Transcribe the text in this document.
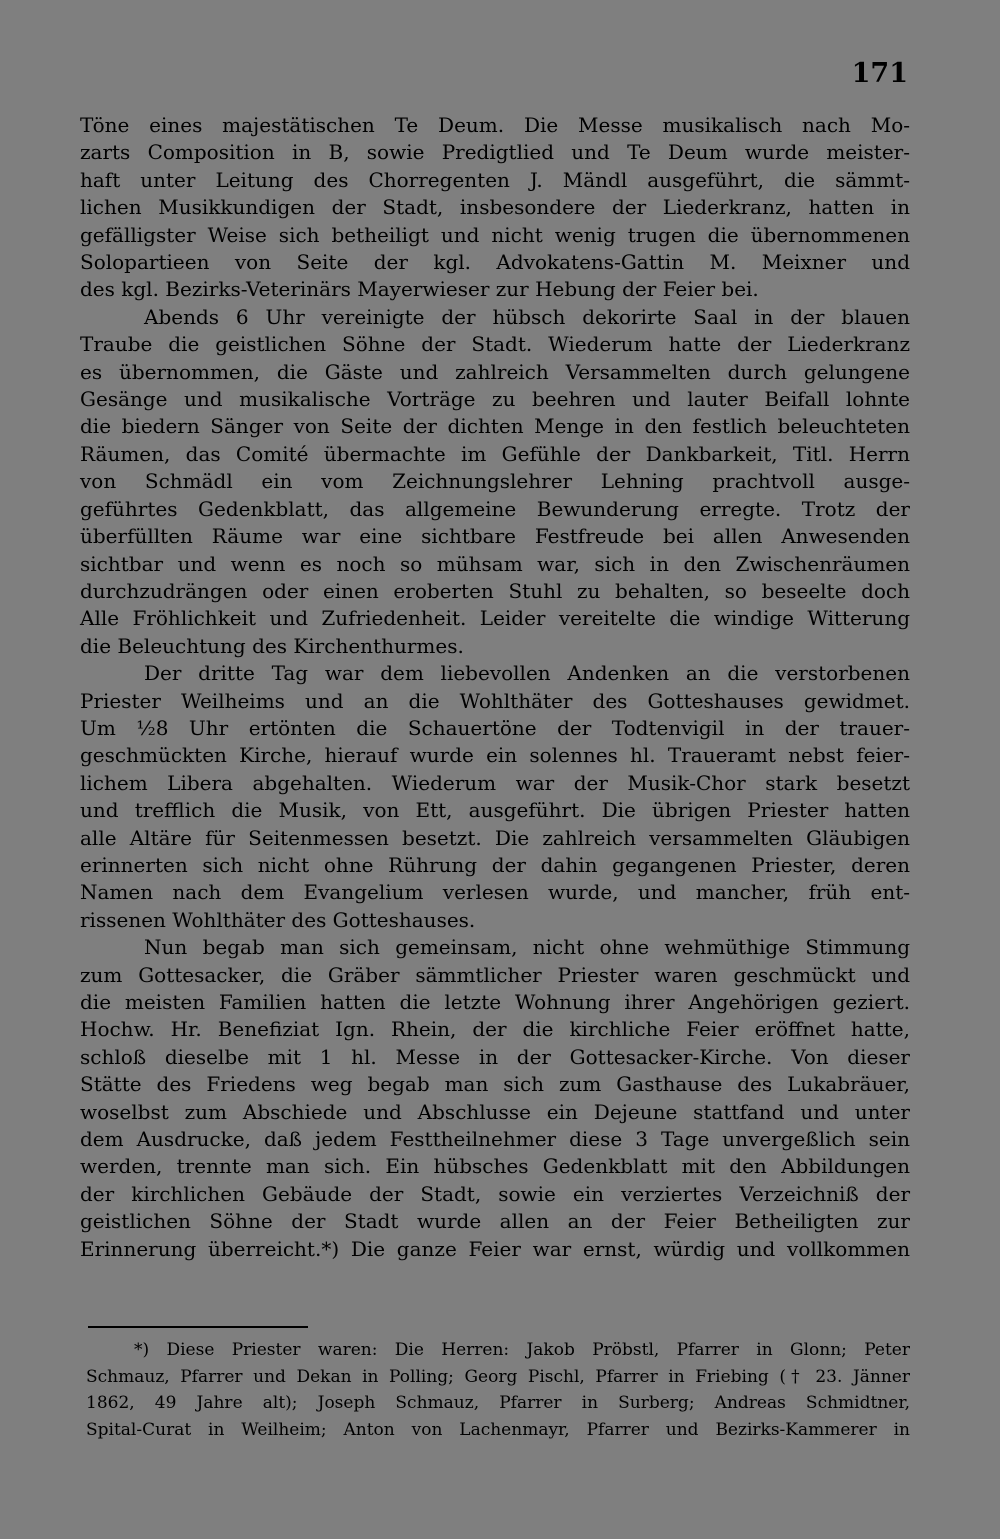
171
Töne eines majestätischen Te Deum. Die Messe musikalisch nach Mo-
zarts Composition in B, sowie Predigtlied und Te Deum wurde meister-
haft unter Leitung des Chorregenten J. Mändl ausgeführt, die sämmt-
lichen Musikkundigen der Stadt, insbesondere der Liederkranz, hatten in
gefälligster Weise sich betheiligt und nicht wenig trugen die übernommenen
Solopartieen von Seite der kgl. Advokatens-Gattin M. Meixner und
des kgl. Bezirks-Veterinärs Mayerwieser zur Hebung der Feier bei.
Abends 6 Uhr vereinigte der hübsch dekorirte Saal in der blauen
Traube die geistlichen Söhne der Stadt. Wiederum hatte der Liederkranz
es übernommen, die Gäste und zahlreich Versammelten durch gelungene
Gesänge und musikalische Vorträge zu beehren und lauter Beifall lohnte
die biedern Sänger von Seite der dichten Menge in den festlich beleuchteten
Räumen, das Comité übermachte im Gefühle der Dankbarkeit, Titl. Herrn
von Schmädl ein vom Zeichnungslehrer Lehning prachtvoll ausge-
geführtes Gedenkblatt, das allgemeine Bewunderung erregte. Trotz der
überfüllten Räume war eine sichtbare Festfreude bei allen Anwesenden
sichtbar und wenn es noch so mühsam war, sich in den Zwischenräumen
durchzudrängen oder einen eroberten Stuhl zu behalten, so beseelte doch
Alle Fröhlichkeit und Zufriedenheit. Leider vereitelte die windige Witterung
die Beleuchtung des Kirchenthurmes.
Der dritte Tag war dem liebevollen Andenken an die verstorbenen
Priester Weilheims und an die Wohlthäter des Gotteshauses gewidmet.
Um ½8 Uhr ertönten die Schauertöne der Todtenvigil in der trauer-
geschmückten Kirche, hierauf wurde ein solennes hl. Traueramt nebst feier-
lichem Libera abgehalten. Wiederum war der Musik-Chor stark besetzt
und trefflich die Musik, von Ett, ausgeführt. Die übrigen Priester hatten
alle Altäre für Seitenmessen besetzt. Die zahlreich versammelten Gläubigen
erinnerten sich nicht ohne Rührung der dahin gegangenen Priester, deren
Namen nach dem Evangelium verlesen wurde, und mancher, früh ent-
rissenen Wohlthäter des Gotteshauses.
Nun begab man sich gemeinsam, nicht ohne wehmüthige Stimmung
zum Gottesacker, die Gräber sämmtlicher Priester waren geschmückt und
die meisten Familien hatten die letzte Wohnung ihrer Angehörigen geziert.
Hochw. Hr. Benefiziat Ign. Rhein, der die kirchliche Feier eröffnet hatte,
schloß dieselbe mit 1 hl. Messe in der Gottesacker-Kirche. Von dieser
Stätte des Friedens weg begab man sich zum Gasthause des Lukabräuer,
woselbst zum Abschiede und Abschlusse ein Dejeune stattfand und unter
dem Ausdrucke, daß jedem Festtheilnehmer diese 3 Tage unvergeßlich sein
werden, trennte man sich. Ein hübsches Gedenkblatt mit den Abbildungen
der kirchlichen Gebäude der Stadt, sowie ein verziertes Verzeichniß der
geistlichen Söhne der Stadt wurde allen an der Feier Betheiligten zur
Erinnerung überreicht.*) Die ganze Feier war ernst, würdig und vollkommen
*) Diese Priester waren: Die Herren: Jakob Pröbstl, Pfarrer in Glonn; Peter
Schmauz, Pfarrer und Dekan in Polling; Georg Pischl, Pfarrer in Friebing († 23. Jänner
1862, 49 Jahre alt); Joseph Schmauz, Pfarrer in Surberg; Andreas Schmidtner,
Spital-Curat in Weilheim; Anton von Lachenmayr, Pfarrer und Bezirks-Kammerer in
